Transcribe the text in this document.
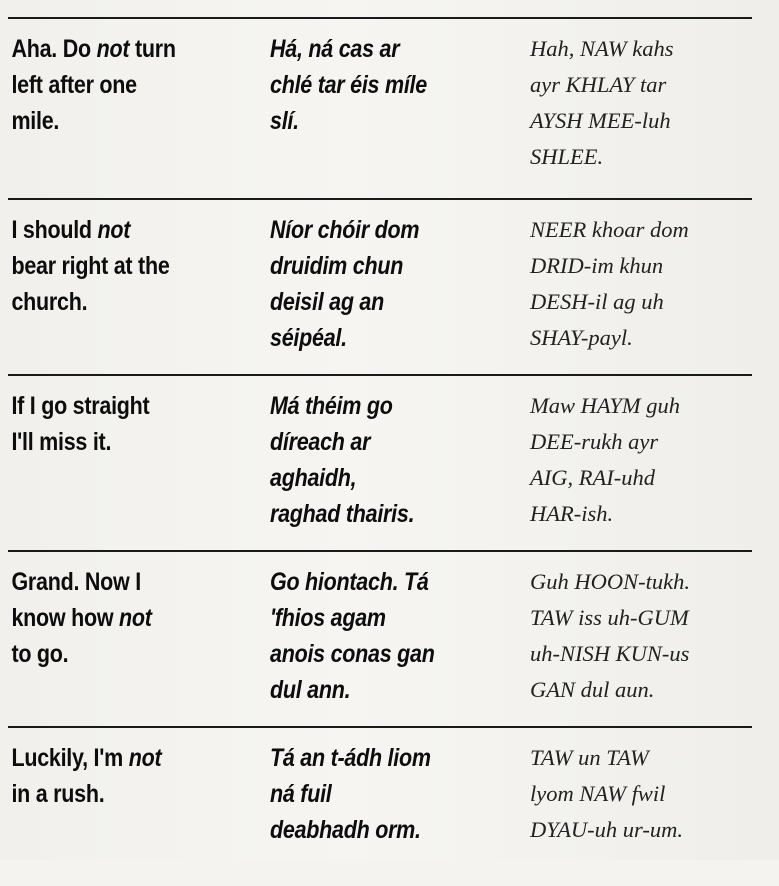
Aha. Do not turn
left after one
mile.
Há, ná cas ar
chlé tar éis míle
slí.
Hah, NAW kahs
ayr KHLAY tar
AYSH MEE-luh
SHLEE.
I should not
bear right at the
church.
Níor chóir dom
druidim chun
deisil ag an
séipéal.
NEER khoar dom
DRID-im khun
DESH-il ag uh
SHAY-payl.
If I go straight
I'll miss it.
Má théim go
díreach ar
aghaidh,
raghad thairis.
Maw HAYM guh
DEE-rukh ayr
AIG, RAI-uhd
HAR-ish.
Grand. Now I
know how not
to go.
Go hiontach. Tá
'fhios agam
anois conas gan
dul ann.
Guh HOON-tukh.
TAW iss uh-GUM
uh-NISH KUN-us
GAN dul aun.
Luckily, I'm not
in a rush.
Tá an t-ádh liom
ná fuil
deabhadh orm.
TAW un TAW
lyom NAW fwil
DYAU-uh ur-um.
